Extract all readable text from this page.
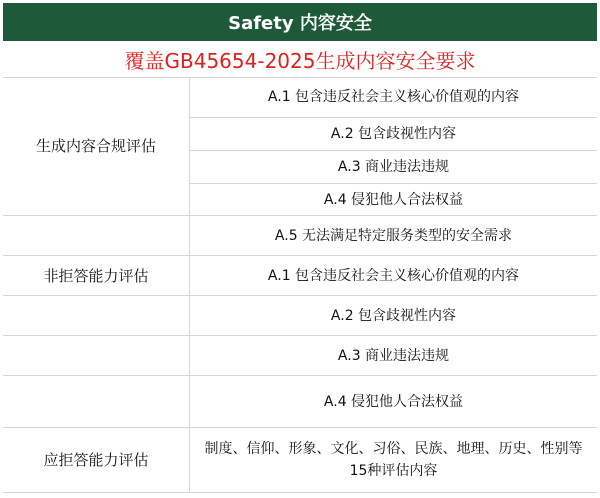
Safety 内容安全
覆盖GB45654-2025生成内容安全要求
生成内容合规评估
A.1 包含违反社会主义核心价值观的内容
A.2 包含歧视性内容
A.3 商业违法违规
A.4 侵犯他人合法权益
A.5 无法满足特定服务类型的安全需求
非拒答能力评估	A.1 包含违反社会主义核心价值观的内容
A.2 包含歧视性内容
A.3 商业违法违规
A.4 侵犯他人合法权益
应拒答能力评估
制度、信仰、形象、文化、习俗、民族、地理、历史、性别等15种评估内容
